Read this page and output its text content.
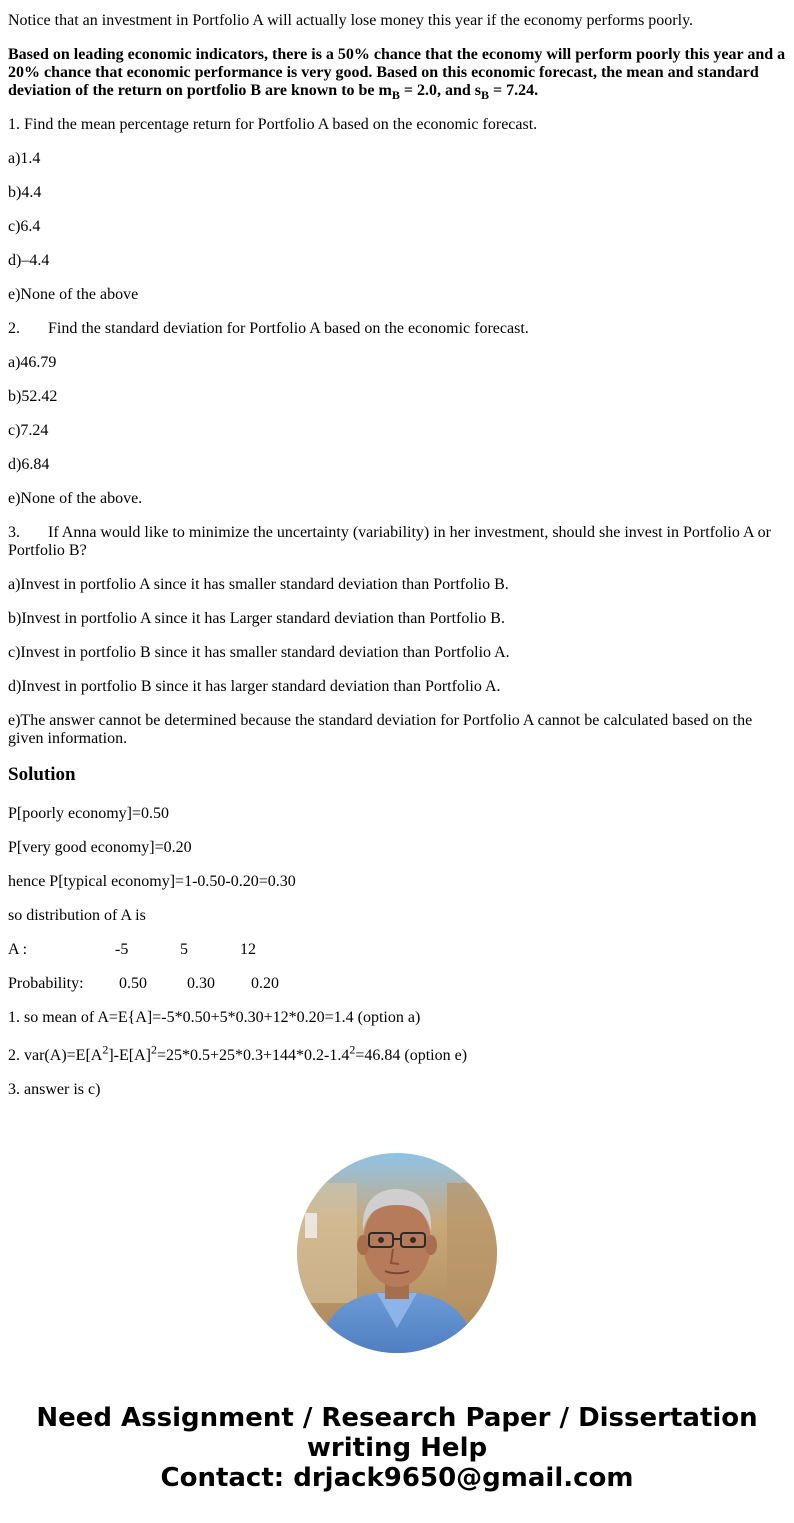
Notice that an investment in Portfolio A will actually lose money this year if the economy performs poorly.

Based on leading economic indicators, there is a 50% chance that the economy will perform poorly this year and a 20% chance that economic performance is very good. Based on this economic forecast, the mean and standard deviation of the return on portfolio B are known to be $m_B = 2.0$, and $s_B = 7.24$.

1. Find the mean percentage return for Portfolio A based on the economic forecast.

a)1.4

b)4.4

c)6.4

d)–4.4

e)None of the above

2. Find the standard deviation for Portfolio A based on the economic forecast.

a)46.79

b)52.42

c)7.24

d)6.84

e)None of the above.

3. If Anna would like to minimize the uncertainty (variability) in her investment, should she invest in Portfolio A or Portfolio B?

a)Invest in portfolio A since it has smaller standard deviation than Portfolio B.

b)Invest in portfolio A since it has Larger standard deviation than Portfolio B.

c)Invest in portfolio B since it has smaller standard deviation than Portfolio A.

d)Invest in portfolio B since it has larger standard deviation than Portfolio A.

e)The answer cannot be determined because the standard deviation for Portfolio A cannot be calculated based on the given information.

Solution

P[poorly economy]=0.50

P[very good economy]=0.20

hence P[typical economy]=1-0.50-0.20=0.30

so distribution of A is

A :	-5	5	12

Probability: 0.50	0.30 0.20

1. so mean of A=E{A]=-5*0.50+5*0.30+12*0.20=1.4 (option a)

2. $var(A)=E[A^2]-E[A]^2=25*0.5+25*0.3+144*0.2-1.4^2=46.84$ (option e)

3. answer is c)

Need Assignment / Research Paper / Dissertation
writing Help
Contact: drjack9650@gmail.com
